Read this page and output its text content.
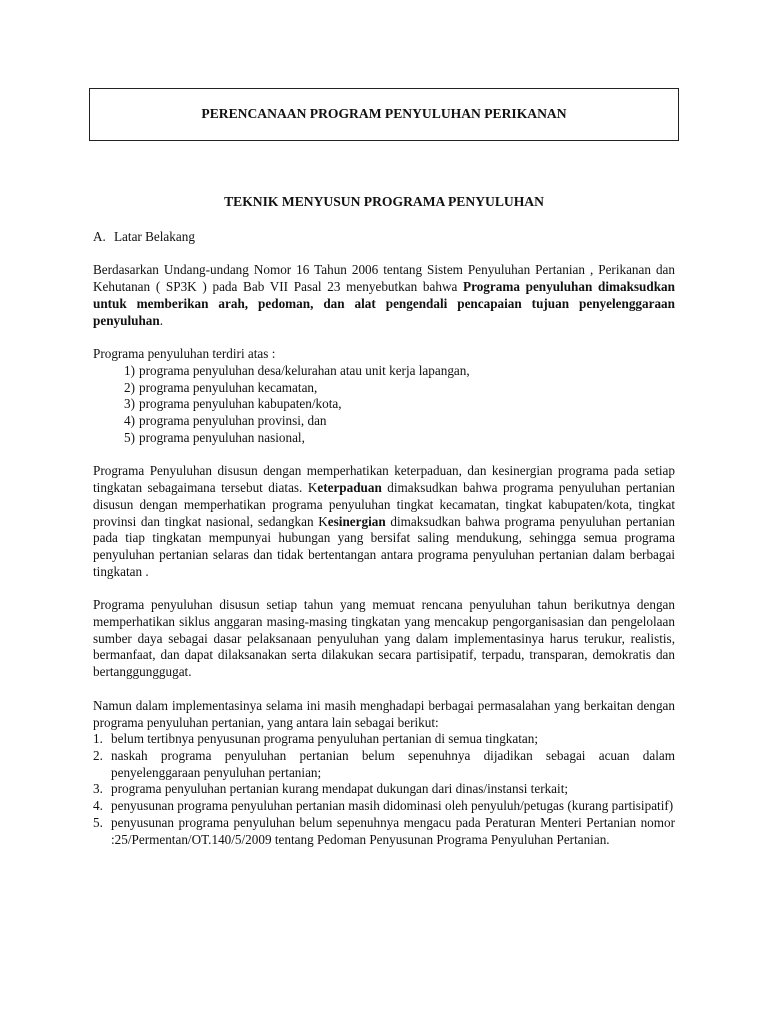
PERENCANAAN PROGRAM PENYULUHAN PERIKANAN

TEKNIK MENYUSUN PROGRAMA PENYULUHAN

A. Latar Belakang

Berdasarkan Undang-undang Nomor 16 Tahun 2006 tentang Sistem Penyuluhan Pertanian , Perikanan dan Kehutanan ( SP3K ) pada Bab VII Pasal 23 menyebutkan bahwa Programa penyuluhan dimaksudkan untuk memberikan arah, pedoman, dan alat pengendali pencapaian tujuan penyelenggaraan penyuluhan.

Programa penyuluhan terdiri atas :

1) programa penyuluhan desa/kelurahan atau unit kerja lapangan,
2) programa penyuluhan kecamatan,
3) programa penyuluhan kabupaten/kota,
4) programa penyuluhan provinsi, dan
5) programa penyuluhan nasional,

Programa Penyuluhan disusun dengan memperhatikan keterpaduan, dan kesinergian programa pada setiap tingkatan sebagaimana tersebut diatas. Keterpaduan dimaksudkan bahwa programa penyuluhan pertanian disusun dengan memperhatikan programa penyuluhan tingkat kecamatan, tingkat kabupaten/kota, tingkat provinsi dan tingkat nasional, sedangkan Kesinergian dimaksudkan bahwa programa penyuluhan pertanian pada tiap tingkatan mempunyai hubungan yang bersifat saling mendukung, sehingga semua programa penyuluhan pertanian selaras dan tidak bertentangan antara programa penyuluhan pertanian dalam berbagai tingkatan .

Programa penyuluhan disusun setiap tahun yang memuat rencana penyuluhan tahun berikutnya dengan memperhatikan siklus anggaran masing-masing tingkatan yang mencakup pengorganisasian dan pengelolaan sumber daya sebagai dasar pelaksanaan penyuluhan yang dalam implementasinya harus terukur, realistis, bermanfaat, dan dapat dilaksanakan serta dilakukan secara partisipatif, terpadu, transparan, demokratis dan bertanggunggugat.

Namun dalam implementasinya selama ini masih menghadapi berbagai permasalahan yang berkaitan dengan programa penyuluhan pertanian, yang antara lain sebagai berikut:

1. belum tertibnya penyusunan programa penyuluhan pertanian di semua tingkatan;
2. naskah programa penyuluhan pertanian belum sepenuhnya dijadikan sebagai acuan dalam penyelenggaraan penyuluhan pertanian;
3. programa penyuluhan pertanian kurang mendapat dukungan dari dinas/instansi terkait;
4. penyusunan programa penyuluhan pertanian masih didominasi oleh penyuluh/petugas (kurang partisipatif)
5. penyusunan programa penyuluhan belum sepenuhnya mengacu pada Peraturan Menteri Pertanian nomor :25/Permentan/OT.140/5/2009 tentang Pedoman Penyusunan Programa Penyuluhan Pertanian.
